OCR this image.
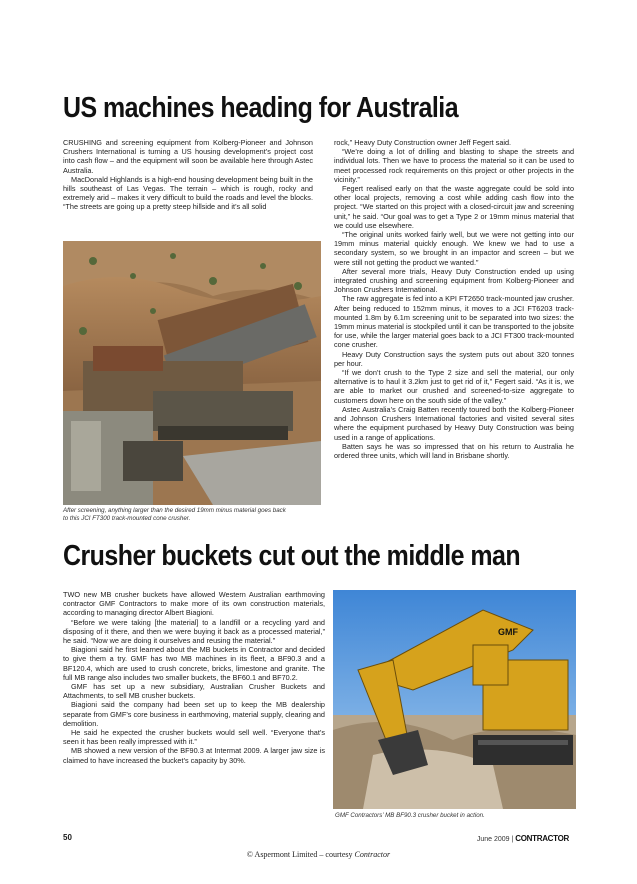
US machines heading for Australia

CRUSHING and screening equipment from Kolberg-Pioneer and Johnson Crushers International is turning a US housing development’s project cost into cash flow – and the equipment will soon be available here through Astec Australia.

MacDonald Highlands is a high-end housing development being built in the hills southeast of Las Vegas. The terrain – which is rough, rocky and extremely arid – makes it very difficult to build the roads and level the blocks. “The streets are going up a pretty steep hillside and it’s all solid

After screening, anything larger than the desired 19mm minus material goes back
to this JCI FT300 track-mounted cone crusher.

rock,” Heavy Duty Construction owner Jeff Fegert said.

“We’re doing a lot of drilling and blasting to shape the streets and individual lots. Then we have to process the material so it can be used to meet processed rock requirements on this project or other projects in the vicinity.”

Fegert realised early on that the waste aggregate could be sold into other local projects, removing a cost while adding cash flow into the project. “We started on this project with a closed-circuit jaw and screening unit,” he said. “Our goal was to get a Type 2 or 19mm minus material that we could use elsewhere.

“The original units worked fairly well, but we were not getting into our 19mm minus material quickly enough. We knew we had to use a secondary system, so we brought in an impactor and screen – but we were still not getting the product we wanted.”

After several more trials, Heavy Duty Construction ended up using integrated crushing and screening equipment from Kolberg-Pioneer and Johnson Crushers International.

The raw aggregate is fed into a KPI FT2650 track-mounted jaw crusher. After being reduced to 152mm minus, it moves to a JCI FT6203 track-mounted 1.8m by 6.1m screening unit to be separated into two sizes: the 19mm minus material is stockpiled until it can be transported to the jobsite for use, while the larger material goes back to a JCI FT300 track-mounted cone crusher.

Heavy Duty Construction says the system puts out about 320 tonnes per hour.

“If we don’t crush to the Type 2 size and sell the material, our only alternative is to haul it 3.2km just to get rid of it,” Fegert said. “As it is, we are able to market our crushed and screened-to-size aggregate to customers down here on the south side of the valley.”

Astec Australia’s Craig Batten recently toured both the Kolberg-Pioneer and Johnson Crushers International factories and visited several sites where the equipment purchased by Heavy Duty Construction was being used in a range of applications.

Batten says he was so impressed that on his return to Australia he ordered three units, which will land in Brisbane shortly.

Crusher buckets cut out the middle man

TWO new MB crusher buckets have allowed Western Australian earthmoving contractor GMF Contractors to make more of its own construction materials, according to managing director Albert Biagioni.

“Before we were taking [the material] to a landfill or a recycling yard and disposing of it there, and then we were buying it back as a processed material,” he said. “Now we are doing it ourselves and reusing the material.”

Biagioni said he first learned about the MB buckets in Contractor and decided to give them a try. GMF has two MB machines in its fleet, a BF90.3 and a BF120.4, which are used to crush concrete, bricks, limestone and granite. The full MB range also includes two smaller buckets, the BF60.1 and BF70.2.

GMF has set up a new subsidiary, Australian Crusher Buckets and Attachments, to sell MB crusher buckets.

Biagioni said the company had been set up to keep the MB dealership separate from GMF’s core business in earthmoving, material supply, clearing and demolition.

He said he expected the crusher buckets would sell well. “Everyone that’s seen it has been really impressed with it.”

MB showed a new version of the BF90.3 at Intermat 2009. A larger jaw size is claimed to have increased the bucket’s capacity by 30%.

GMF
GMF Contractors’ MB BF90.3 crusher bucket in action.
50	June 2009 | CONTRACTOR
© Aspermont Limited – courtesy Contractor
